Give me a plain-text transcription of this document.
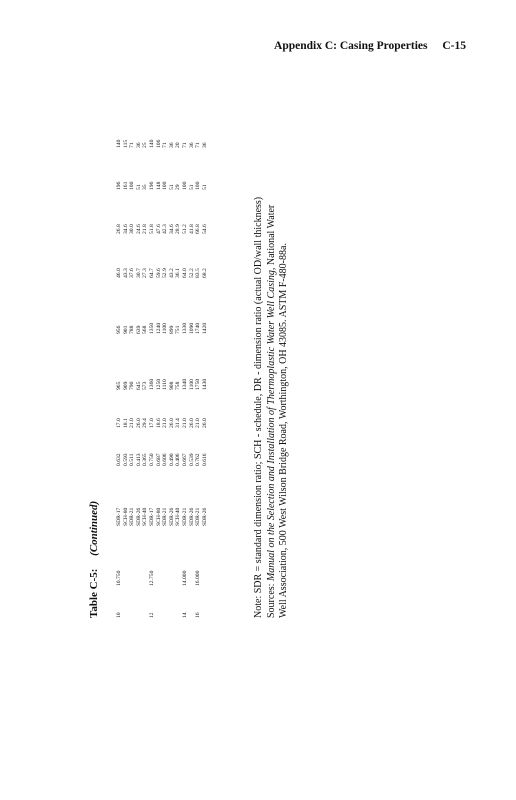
Appendix C: Casing Properties C-15
Table C-5: (Continued)
10	10.750	SDR-17	0.632	17.0	965	956	46.0	26.8	196	140
		SCH-80	0.593	18.1	909	901	43.3	34.6	161	115
		SDR-21	0.511	21.0	790	788	37.6	30.0	100	71
		SDR-26	0.413	26.0	645	639	30.7	24.6	51	36
		SCH-40	0.365	29.4	573	568	27.3	21.8	35	25
12	12.750	SDR-17	0.750	17.0	1360	1350	64.7	51.8	196	140
		SCH-80	0.687	18.6	1250	1240	59.6	47.6	148	106
		SDR-21	0.606	21.0	1110	1100	52.9	42.3	100	71
		SDR-26	0.490	26.0	908	899	43.2	34.6	51	36
		SCH-40	0.406	31.4	758	751	36.1	28.9	29	20
14	14.000	SDR-21	0.667	21.0	1340	1330	64.0	51.2	100	71
		SDR-26	0.539	26.0	1100	1090	52.2	41.8	51	36
16	16.000	SDR-21	0.762	21.0	1750	1740	83.5	66.8	100	71
		SDR-26	0.616	26.0	1430	1420	68.2	54.6	51	36

Note: SDR = standard dimension ratio; SCH - schedule, DR - dimension ratio (actual OD/wall thickness) Sources: Manual on the Selection and Installation of Thermoplastic Water Well Casing, National Water

Well Association, 500 West Wilson Bridge Road, Worthington, OH 43085. ASTM F-480-88a.
